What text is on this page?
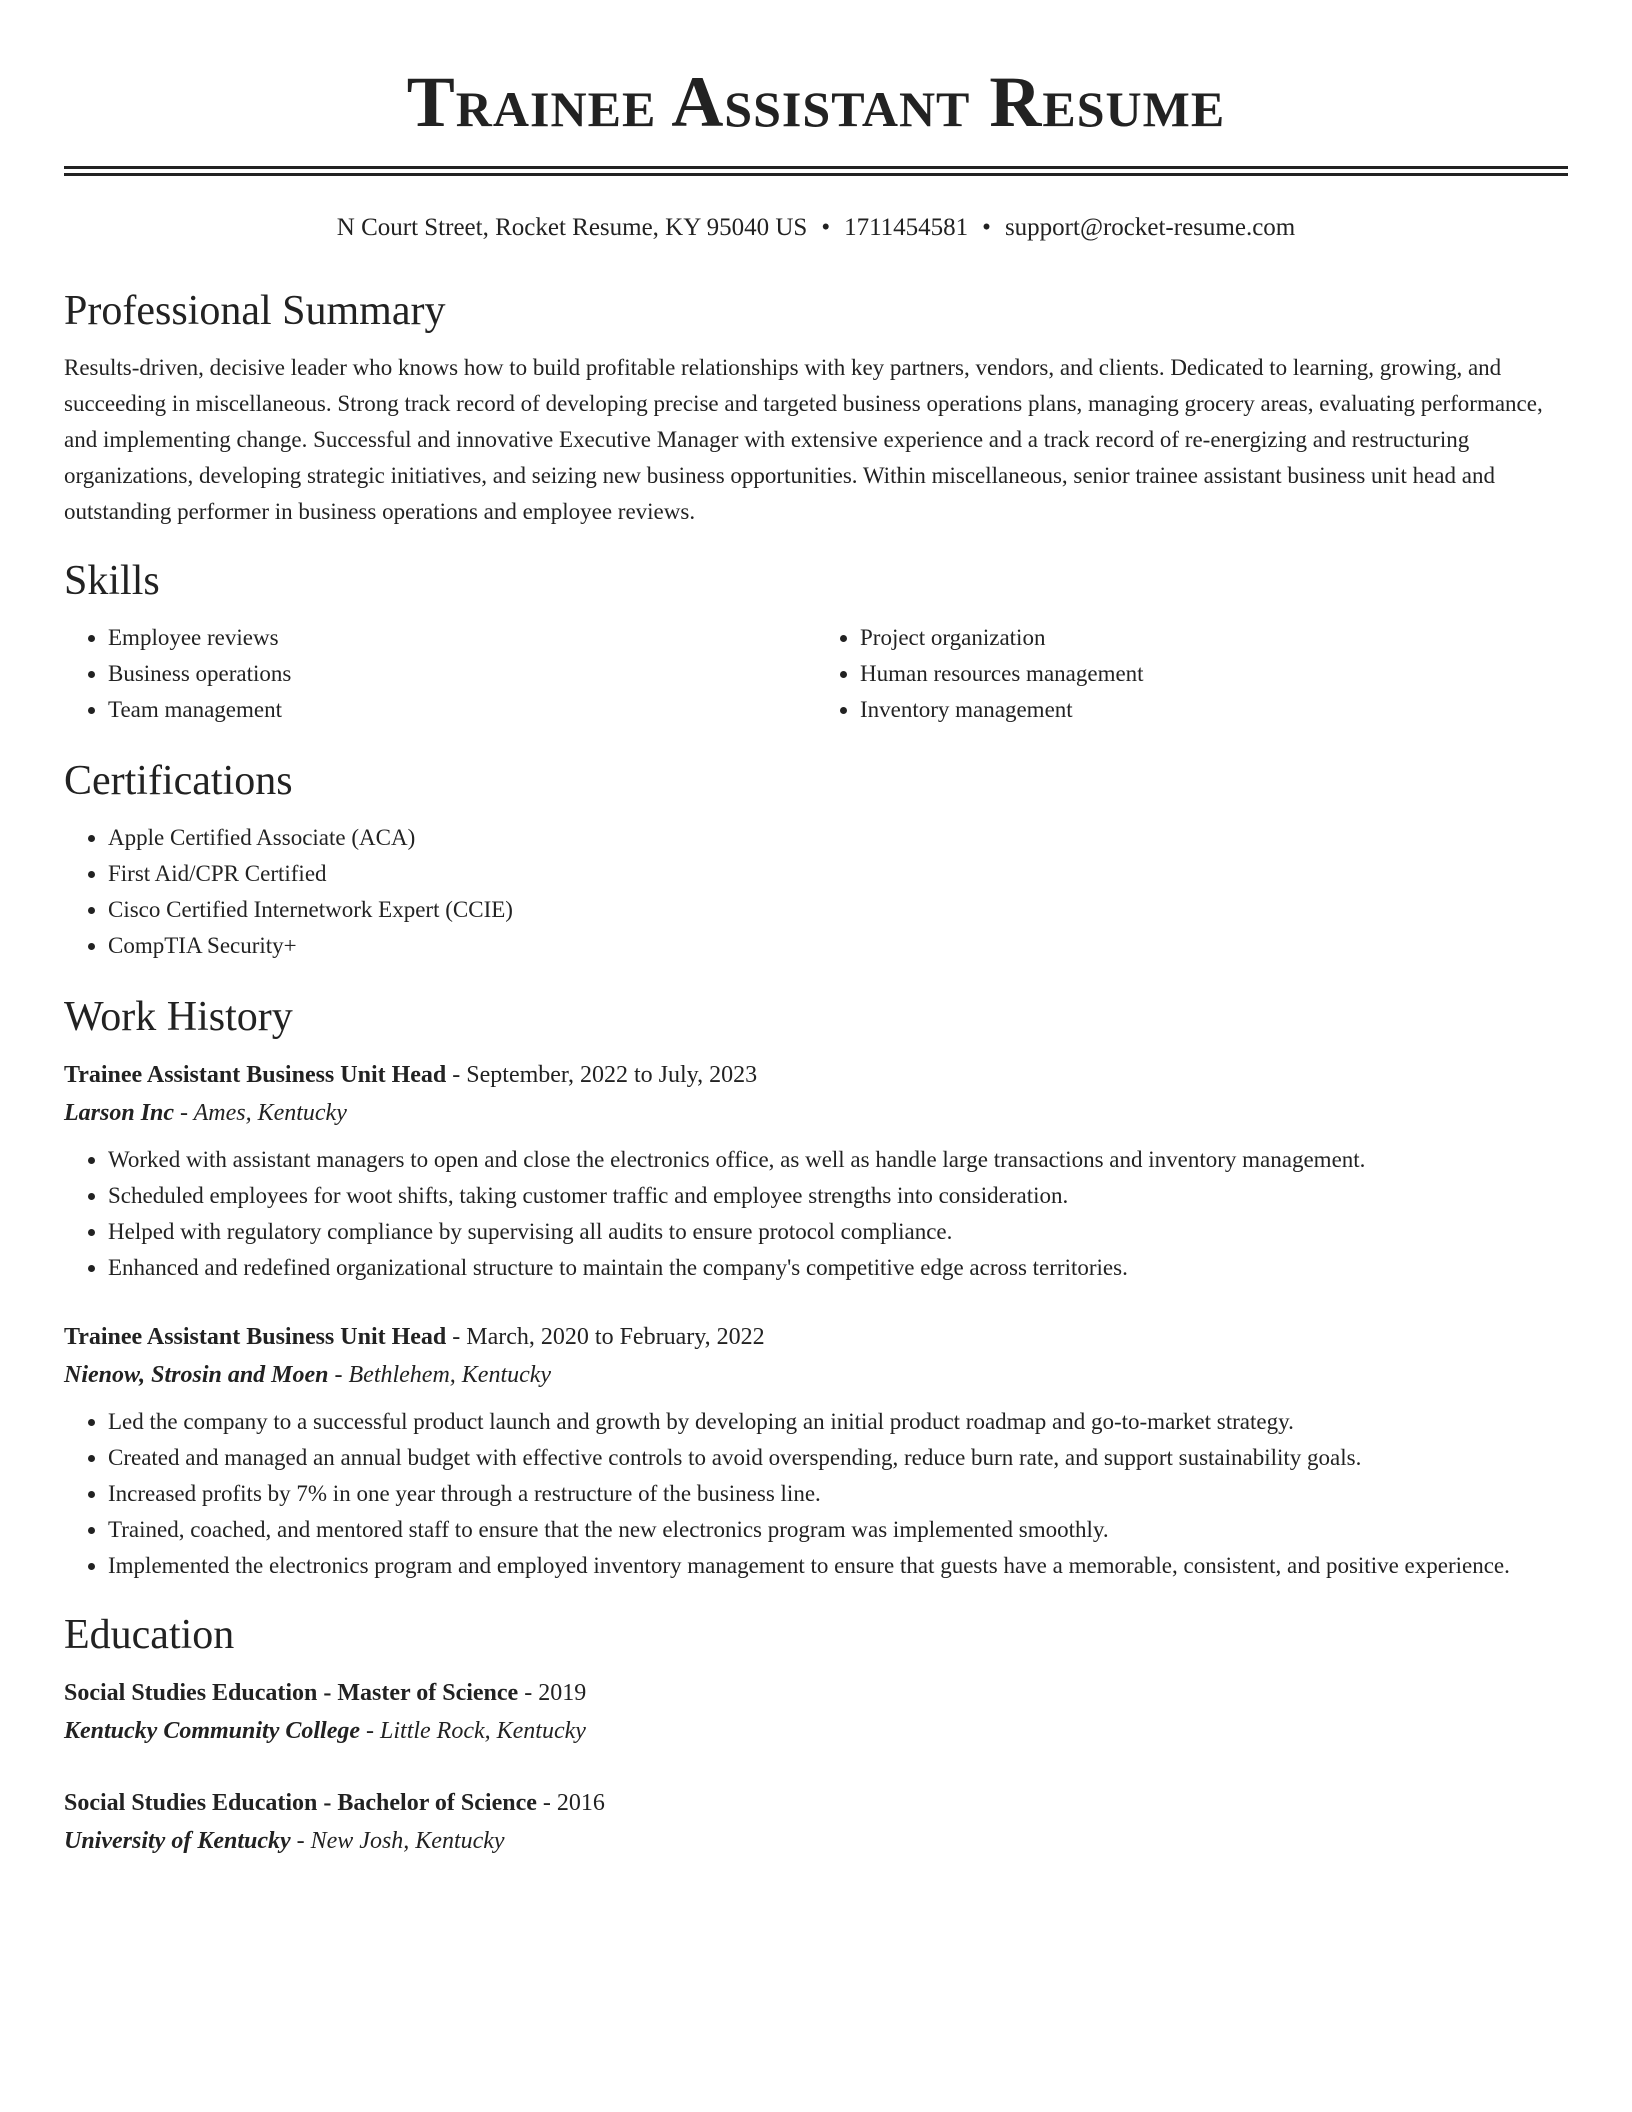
Trainee Assistant Resume
N Court Street, Rocket Resume, KY 95040 US • 1711454581 • support@rocket-resume.com
Professional Summary

Results-driven, decisive leader who knows how to build profitable relationships with key partners, vendors, and clients. Dedicated to learning, growing, and succeeding in miscellaneous. Strong track record of developing precise and targeted business operations plans, managing grocery areas, evaluating performance, and implementing change. Successful and innovative Executive Manager with extensive experience and a track record of re-energizing and restructuring organizations, developing strategic initiatives, and seizing new business opportunities. Within miscellaneous, senior trainee assistant business unit head and outstanding performer in business operations and employee reviews.

Skills
• Employee reviews
• Business operations
• Team management
• Project organization
• Human resources management
• Inventory management
Certifications
• Apple Certified Associate (ACA)
• First Aid/CPR Certified
• Cisco Certified Internetwork Expert (CCIE)
• CompTIA Security+
Work History
Trainee Assistant Business Unit Head - September, 2022 to July, 2023
Larson Inc - Ames, Kentucky
• Worked with assistant managers to open and close the electronics office, as well as handle large transactions and inventory management.
• Scheduled employees for woot shifts, taking customer traffic and employee strengths into consideration.
• Helped with regulatory compliance by supervising all audits to ensure protocol compliance.
• Enhanced and redefined organizational structure to maintain the company's competitive edge across territories.
Trainee Assistant Business Unit Head - March, 2020 to February, 2022
Nienow, Strosin and Moen - Bethlehem, Kentucky
• Led the company to a successful product launch and growth by developing an initial product roadmap and go-to-market strategy.
• Created and managed an annual budget with effective controls to avoid overspending, reduce burn rate, and support sustainability goals.
• Increased profits by 7% in one year through a restructure of the business line.
• Trained, coached, and mentored staff to ensure that the new electronics program was implemented smoothly.
• Implemented the electronics program and employed inventory management to ensure that guests have a memorable, consistent, and positive experience.
Education
Social Studies Education - Master of Science - 2019
Kentucky Community College - Little Rock, Kentucky
Social Studies Education - Bachelor of Science - 2016
University of Kentucky - New Josh, Kentucky
